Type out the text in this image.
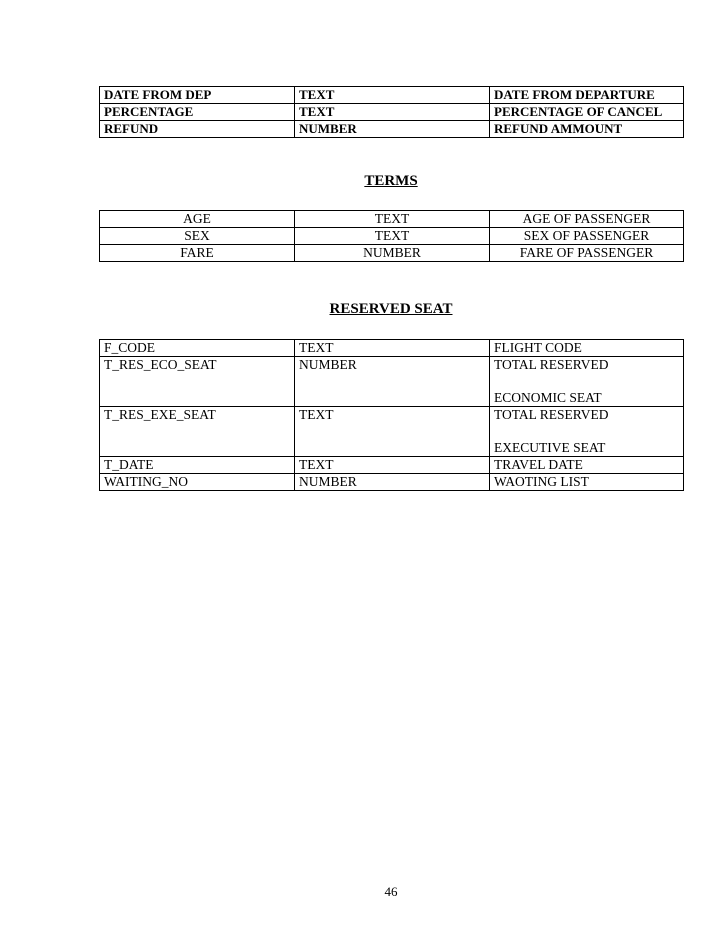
DATE FROM DEP	TEXT	DATE FROM DEPARTURE
PERCENTAGE	TEXT	PERCENTAGE OF CANCEL
REFUND	NUMBER	REFUND AMMOUNT
TERMS
AGE	TEXT	AGE OF PASSENGER
SEX	TEXT	SEX OF PASSENGER
FARE	NUMBER	FARE OF PASSENGER
RESERVED SEAT
F_CODE	TEXT	FLIGHT CODE

T_RES_ECO_SEAT	NUMBER	TOTAL RESERVED
ECONOMIC SEAT

T_RES_EXE_SEAT	TEXT	TOTAL RESERVED
EXECUTIVE SEAT

T_DATE	TEXT	TRAVEL DATE

WAITING_NO	NUMBER	WAOTING LIST
46
